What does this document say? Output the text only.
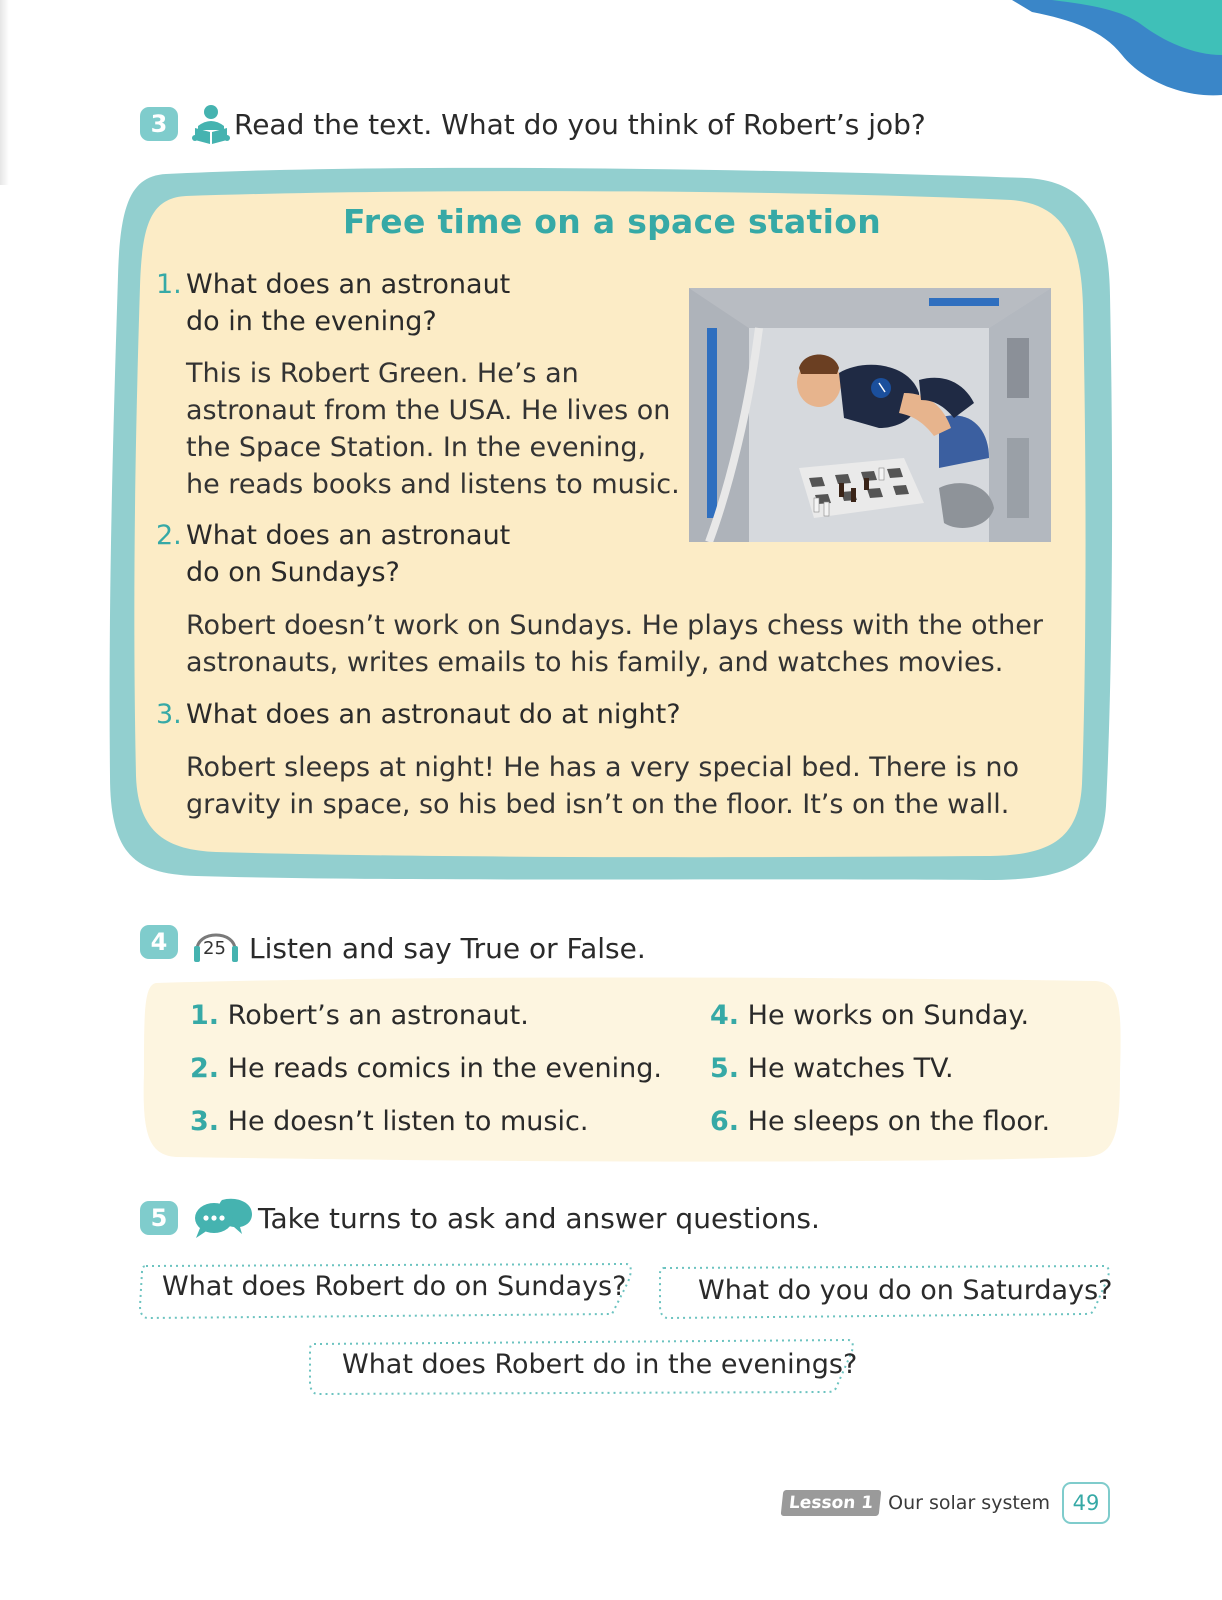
3	Read the text. What do you think of Robert’s job?
Free time on a space station
1. What does an astronaut
do in the evening?
This is Robert Green. He’s an
astronaut from the USA. He lives on
the Space Station. In the evening,
he reads books and listens to music.
2. What does an astronaut
do on Sundays?
Robert doesn’t work on Sundays. He plays chess with the other
astronauts, writes emails to his family, and watches movies.
3. What does an astronaut do at night?
Robert sleeps at night! He has a very special bed. There is no
gravity in space, so his bed isn’t on the floor. It’s on the wall.
4	25 Listen and say True or False.
1. Robert’s an astronaut.
2. He reads comics in the evening.
3. He doesn’t listen to music.
4. He works on Sunday.
5. He watches TV.
6. He sleeps on the floor.
5	Take turns to ask and answer questions.
What does Robert do on Sundays?	What do you do on Saturdays?
What does Robert do in the evenings?
Lesson 1 Our solar system	49
